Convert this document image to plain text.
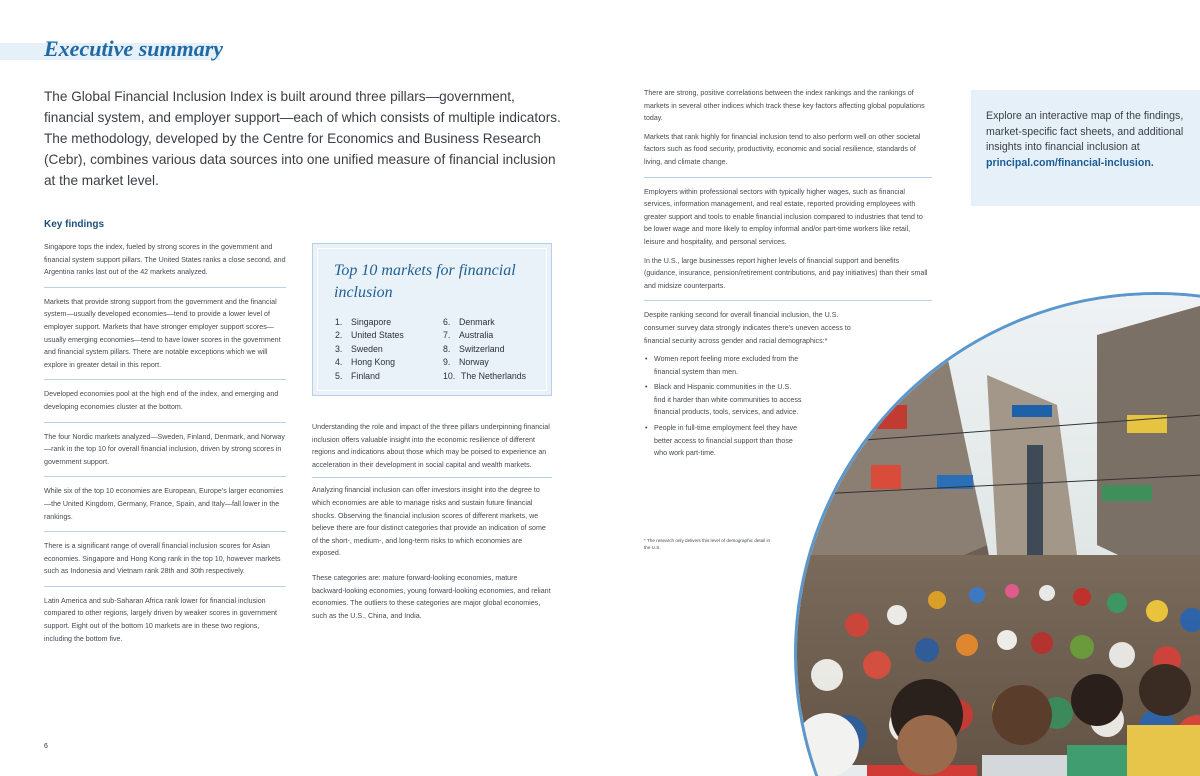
Executive summary

The Global Financial Inclusion Index is built around three pillars—government, financial system, and employer support—each of which consists of multiple indicators. The methodology, developed by the Centre for Economics and Business Research (Cebr), combines various data sources into one unified measure of financial inclusion at the market level.

Key findings

Singapore tops the index, fueled by strong scores in the government and financial system support pillars. The United States ranks a close second, and Argentina ranks last out of the 42 markets analyzed.

Markets that provide strong support from the government and the financial system—usually developed economies—tend to provide a lower level of employer support. Markets that have stronger employer support scores—usually emerging economies—tend to have lower scores in the government and financial system pillars. There are notable exceptions which we will explore in greater detail in this report.

Developed economies pool at the high end of the index, and emerging and developing economies cluster at the bottom.

The four Nordic markets analyzed—Sweden, Finland, Denmark, and Norway—rank in the top 10 for overall financial inclusion, driven by strong scores in government support.

While six of the top 10 economies are European, Europe's larger economies—the United Kingdom, Germany, France, Spain, and Italy—fall lower in the rankings.

There is a significant range of overall financial inclusion scores for Asian economies. Singapore and Hong Kong rank in the top 10, however markets such as Indonesia and Vietnam rank 28th and 30th respectively.

Latin America and sub-Saharan Africa rank lower for financial inclusion compared to other regions, largely driven by weaker scores in government support. Eight out of the bottom 10 markets are in these two regions, including the bottom five.

Top 10 markets for financial inclusion
1. Singapore
2. United States
3. Sweden
4. Hong Kong
5. Finland
6. Denmark
7. Australia
8. Switzerland
9. Norway
10. The Netherlands

Understanding the role and impact of the three pillars underpinning financial inclusion offers valuable insight into the economic resilience of different regions and indications about those which may be poised to experience an acceleration in their development in social capital and wealth markets.

Analyzing financial inclusion can offer investors insight into the degree to which economies are able to manage risks and sustain future financial shocks. Observing the financial inclusion scores of different markets, we believe there are four distinct categories that provide an indication of some of the short-, medium-, and long-term risks to which economies are exposed.

These categories are: mature forward-looking economies, mature backward-looking economies, young forward-looking economies, and reliant economies. The outliers to these categories are major global economies, such as the U.S., China, and India.

There are strong, positive correlations between the index rankings and the rankings of markets in several other indices which track these key factors affecting global populations today.

Markets that rank highly for financial inclusion tend to also perform well on other societal factors such as food security, productivity, economic and social resilience, standards of living, and climate change.

Employers within professional sectors with typically higher wages, such as financial services, information management, and real estate, reported providing employees with greater support and tools to enable financial inclusion compared to industries that tend to be lower wage and more likely to employ informal and/or part-time workers like retail, leisure and hospitality, and personal services.

In the U.S., large businesses report higher levels of financial support and benefits (guidance, insurance, pension/retirement contributions, and pay initiatives) than their small and midsize counterparts.

Despite ranking second for overall financial inclusion, the U.S. consumer survey data strongly indicates there's uneven access to financial security across gender and racial demographics:*

• Women report feeling more excluded from the financial system than men.
• Black and Hispanic communities in the U.S. find it harder than white communities to access financial products, tools, services, and advice.
• People in full-time employment feel they have better access to financial support than those who work part-time.

* The research only delivers this level of demographic detail in the U.S.

Explore an interactive map of the findings, market-specific fact sheets, and additional insights into financial inclusion at
principal.com/financial-inclusion.
6
